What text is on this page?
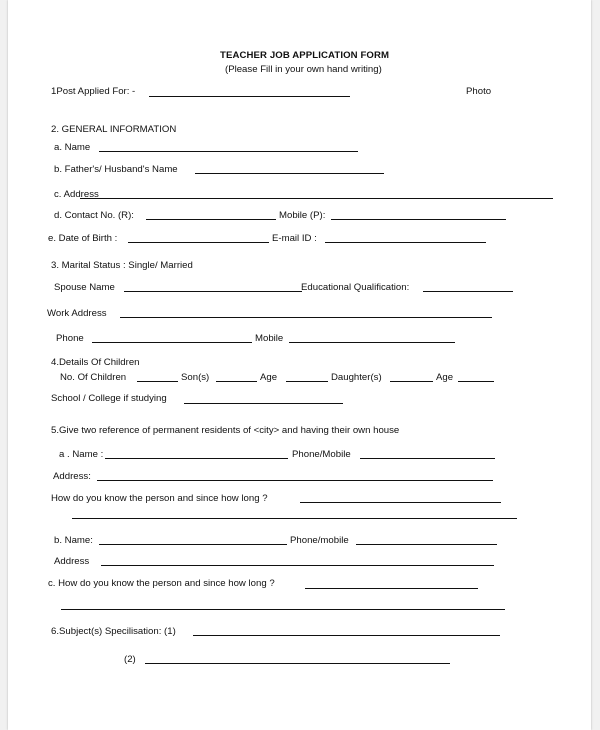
TEACHER JOB APPLICATION FORM
(Please Fill in your own hand writing)
1Post Applied For: -	Photo
2. GENERAL INFORMATION
a. Name
b. Father's/ Husband's Name
c. Address
d. Contact No. (R):	Mobile (P):
e. Date of Birth :	E-mail ID :
3. Marital Status : Single/ Married
Spouse Name	Educational Qualification:
Work Address
Phone	Mobile
4.Details Of Children
No. Of Children	Son(s)	Age	Daughter(s)	Age
School / College if studying
5.Give two reference of permanent residents of <city> and having their own house
a . Name :	Phone/Mobile
Address:
How do you know the person and since how long ?
b. Name:	Phone/mobile
Address
c. How do you know the person and since how long ?
6.Subject(s) Specilisation: (1)
(2)
